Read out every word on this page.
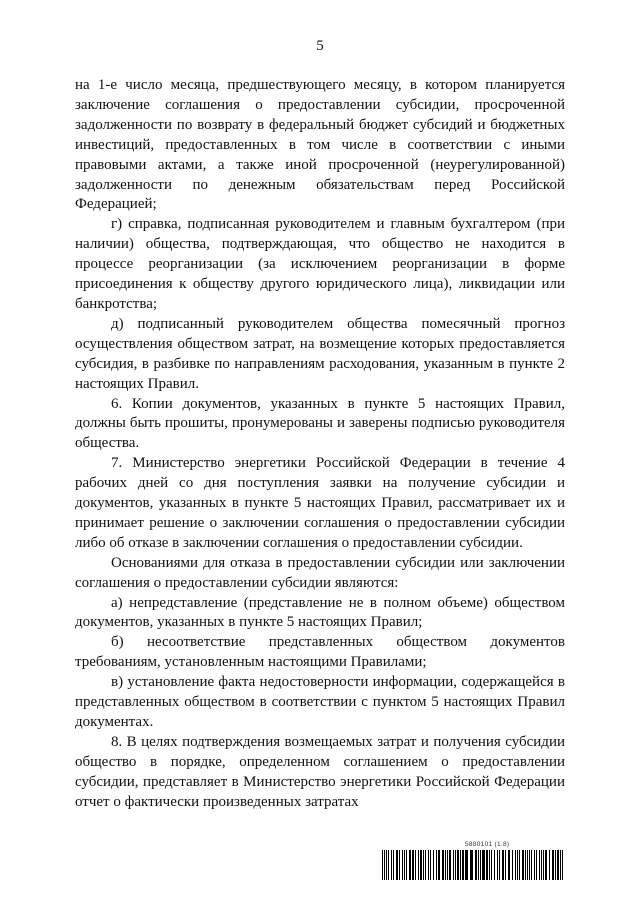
5

на 1-е число месяца, предшествующего месяцу, в котором планируется заключение соглашения о предоставлении субсидии, просроченной задолженности по возврату в федеральный бюджет субсидий и бюджетных инвестиций, предоставленных в том числе в соответствии с иными правовыми актами, а также иной просроченной (неурегулированной) задолженности по денежным обязательствам перед Российской Федерацией;

г) справка, подписанная руководителем и главным бухгалтером (при наличии) общества, подтверждающая, что общество не находится в процессе реорганизации (за исключением реорганизации в форме присоединения к обществу другого юридического лица), ликвидации или банкротства;

д) подписанный руководителем общества помесячный прогноз осуществления обществом затрат, на возмещение которых предоставляется субсидия, в разбивке по направлениям расходования, указанным в пункте 2 настоящих Правил.

6. Копии документов, указанных в пункте 5 настоящих Правил, должны быть прошиты, пронумерованы и заверены подписью руководителя общества.

7. Министерство энергетики Российской Федерации в течение 4 рабочих дней со дня поступления заявки на получение субсидии и документов, указанных в пункте 5 настоящих Правил, рассматривает их и принимает решение о заключении соглашения о предоставлении субсидии либо об отказе в заключении соглашения о предоставлении субсидии.

Основаниями для отказа в предоставлении субсидии или заключении соглашения о предоставлении субсидии являются:

а) непредставление (представление не в полном объеме) обществом документов, указанных в пункте 5 настоящих Правил;

б) несоответствие представленных обществом документов требованиям, установленным настоящими Правилами;

в) установление факта недостоверности информации, содержащейся в представленных обществом в соответствии с пунктом 5 настоящих Правил документах.

8. В целях подтверждения возмещаемых затрат и получения субсидии общество в порядке, определенном соглашением о предоставлении субсидии, представляет в Министерство энергетики Российской Федерации отчет о фактически произведенных затратах

5880101 (1.8)
